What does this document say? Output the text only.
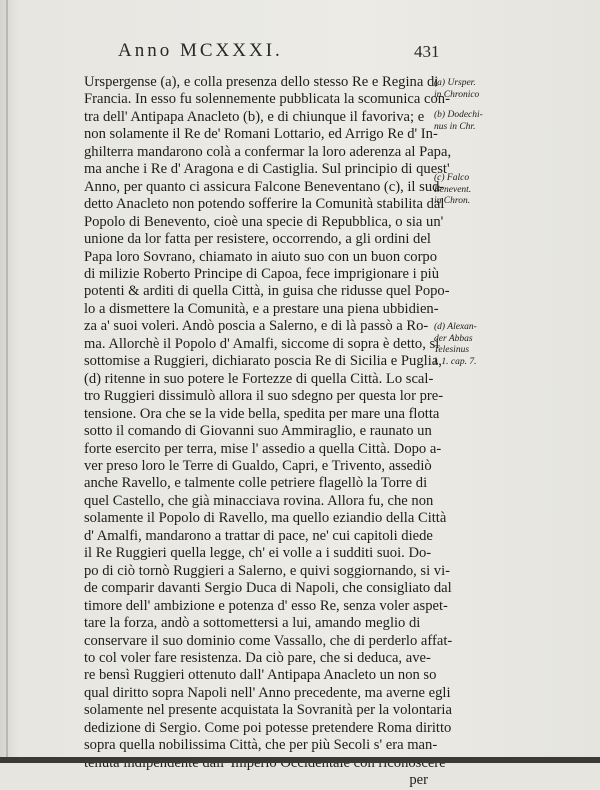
Anno MCXXXI.	431
Urspergense (a), e colla presenza dello stesso Re e Regina di
Francia. In esso fu solennemente pubblicata la scomunica con-
tra dell' Antipapa Anacleto (b), e di chiunque il favoriva; e
non solamente il Re de' Romani Lottario, ed Arrigo Re d' In-
ghilterra mandarono colà a confermar la loro aderenza al Papa,
ma anche i Re d' Aragona e di Castiglia. Sul principio di quest'
Anno, per quanto ci assicura Falcone Beneventano (c), il sud-
detto Anacleto non potendo sofferire la Comunità stabilita dal
Popolo di Benevento, cioè una specie di Repubblica, o sia un'
unione da lor fatta per resistere, occorrendo, a gli ordini del
Papa loro Sovrano, chiamato in aiuto suo con un buon corpo
di milizie Roberto Principe di Capoa, fece imprigionare i più
potenti & arditi di quella Città, in guisa che ridusse quel Popo-
lo a dismettere la Comunità, e a prestare una piena ubbidien-
za a' suoi voleri. Andò poscia a Salerno, e di là passò a Ro-
ma. Allorchè il Popolo d' Amalfi, siccome di sopra è detto, si
sottomise a Ruggieri, dichiarato poscia Re di Sicilia e Puglia,
(d) ritenne in suo potere le Fortezze di quella Città. Lo scal-
tro Ruggieri dissimulò allora il suo sdegno per questa lor pre-
tensione. Ora che se la vide bella, spedita per mare una flotta
sotto il comando di Giovanni suo Ammiraglio, e raunato un
forte esercito per terra, mise l' assedio a quella Città. Dopo a-
ver preso loro le Terre di Gualdo, Capri, e Trivento, assediò
anche Ravello, e talmente colle petriere flagellò la Torre di
quel Castello, che già minacciava rovina. Allora fu, che non
solamente il Popolo di Ravello, ma quello eziandio della Città
d' Amalfi, mandarono a trattar di pace, ne' cui capitoli diede
il Re Ruggieri quella legge, ch' ei volle a i sudditi suoi. Do-
po di ciò tornò Ruggieri a Salerno, e quivi soggiornando, si vi-
de comparir davanti Sergio Duca di Napoli, che consigliato dal
timore dell' ambizione e potenza d' esso Re, senza voler aspet-
tare la forza, andò a sottomettersi a lui, amando meglio di
conservare il suo dominio come Vassallo, che di perderlo affat-
to col voler fare resistenza. Da ciò pare, che si deduca, ave-
re bensì Ruggieri ottenuto dall' Antipapa Anacleto un non so
qual diritto sopra Napoli nell' Anno precedente, ma averne egli
solamente nel presente acquistata la Sovranità per la volontaria
dedizione di Sergio. Come poi potesse pretendere Roma diritto
sopra quella nobilissima Città, che per più Secoli s' era man-
per
(a) Ursper.
in Chronico
(b) Dodechi-
nus in Chr.
(c) Falco
Benevent.
in Chron.
(d) Alexan-
der Abbas
Telesinus
l. 1. cap. 7.
